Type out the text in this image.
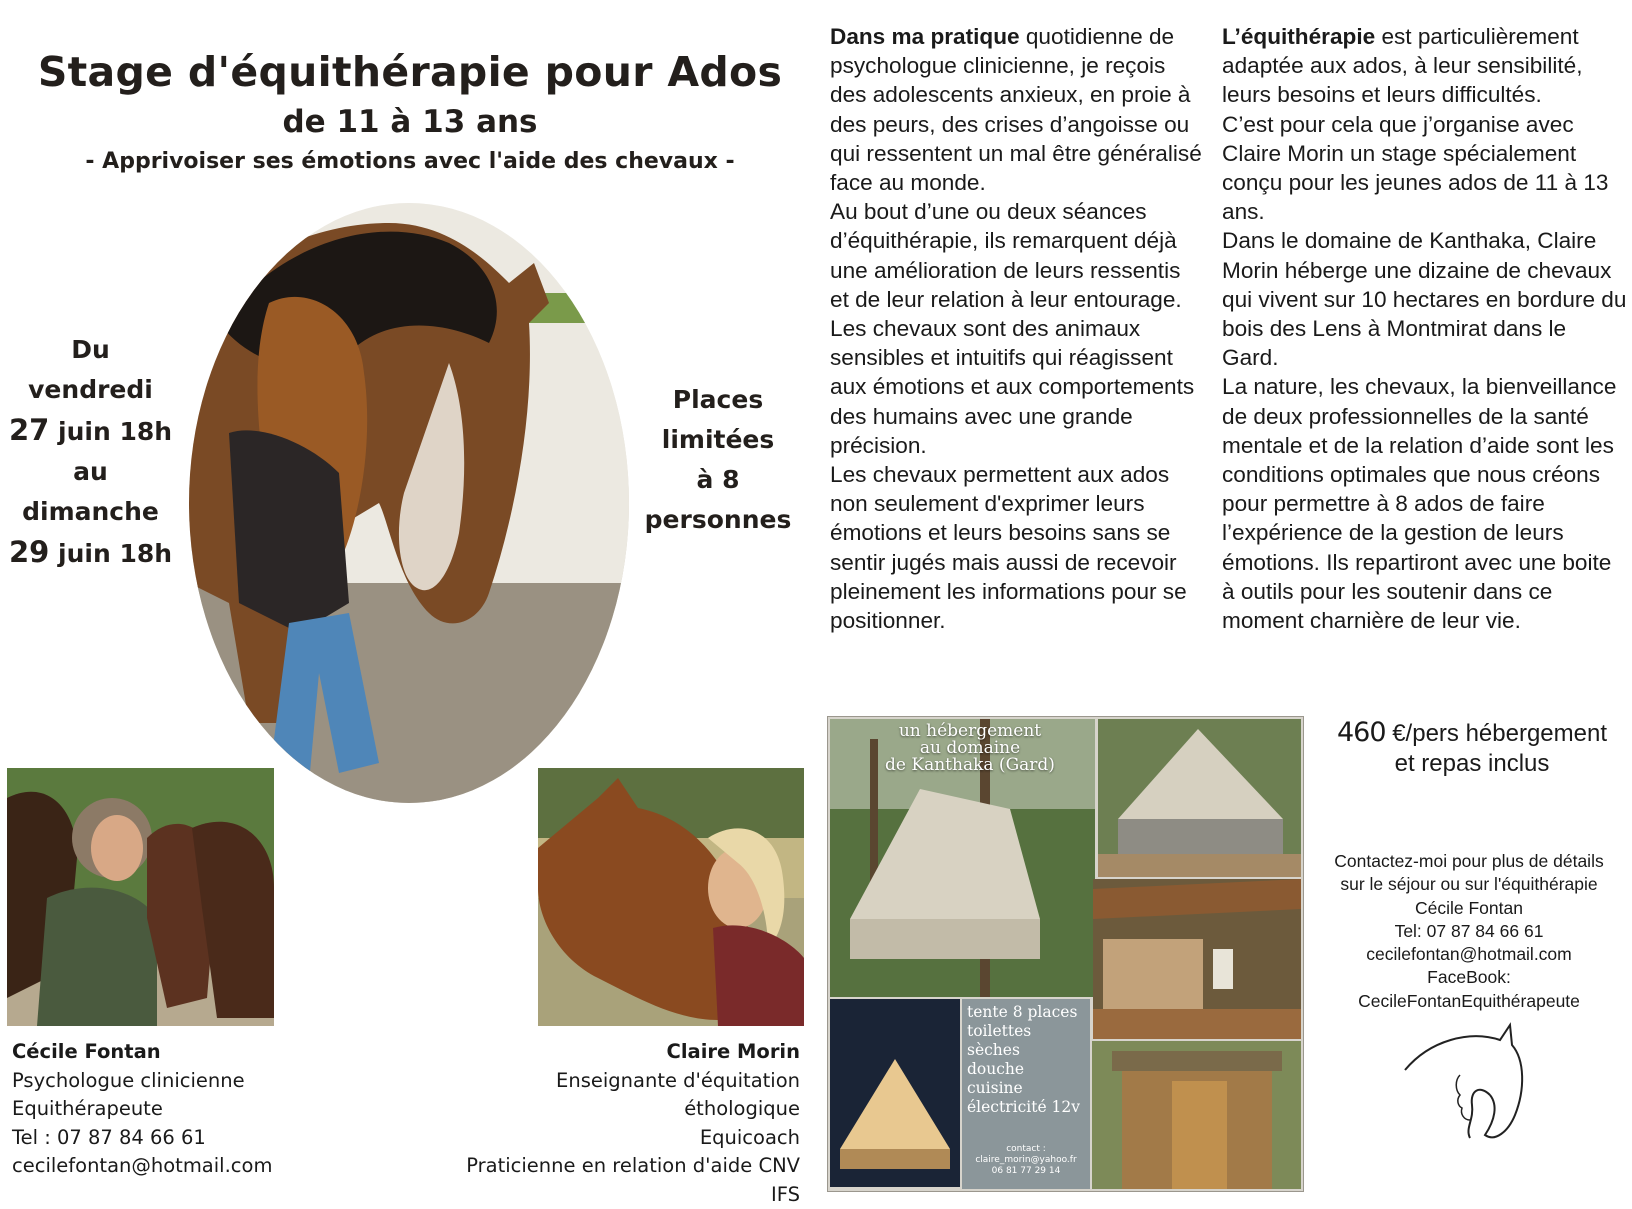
Stage d'équithérapie pour Ados
de 11 à 13 ans
- Apprivoiser ses émotions avec l'aide des chevaux -
Du
vendredi
27 juin 18h
au
dimanche
29 juin 18h
Places
limitées
à 8
personnes

Dans ma pratique quotidienne de psychologue clinicienne, je reçois des adolescents anxieux, en proie à des peurs, des crises d’angoisse ou qui ressentent un mal être généralisé face au monde.

Au bout d’une ou deux séances d’équithérapie, ils remarquent déjà une amélioration de leurs ressentis et de leur relation à leur entourage.

Les chevaux sont des animaux sensibles et intuitifs qui réagissent aux émotions et aux comportements des humains avec une grande précision.

Les chevaux permettent aux ados non seulement d'exprimer leurs émotions et leurs besoins sans se sentir jugés mais aussi de recevoir pleinement les informations pour se positionner.

L’équithérapie est particulièrement adaptée aux ados, à leur sensibilité, leurs besoins et leurs difficultés.

C’est pour cela que j’organise avec Claire Morin un stage spécialement conçu pour les jeunes ados de 11 à 13 ans.

Dans le domaine de Kanthaka, Claire Morin héberge une dizaine de chevaux qui vivent sur 10 hectares en bordure du bois des Lens à Montmirat dans le Gard.

La nature, les chevaux, la bienveillance de deux professionnelles de la santé mentale et de la relation d’aide sont les conditions optimales que nous créons pour permettre à 8 ados de faire l’expérience de la gestion de leurs émotions. Ils repartiront avec une boite à outils pour les soutenir dans ce moment charnière de leur vie.

Cécile Fontan
Psychologue clinicienne
Equithérapeute
Tel : 07 87 84 66 61
cecilefontan@hotmail.com
Claire Morin
Enseignante d'équitation éthologique
Equicoach
Praticienne en relation d'aide CNV IFS
un hébergement
au domaine
de Kanthaka (Gard)
tente 8 places
toilettes sèches
douche
cuisine
électricité 12v
contact :
claire_morin@yahoo.fr
06 81 77 29 14
460 €/pers hébergement
et repas inclus
Contactez-moi pour plus de détails
sur le séjour ou sur l'équithérapie
Cécile Fontan
Tel: 07 87 84 66 61
cecilefontan@hotmail.com
FaceBook:
CecileFontanEquithérapeute
